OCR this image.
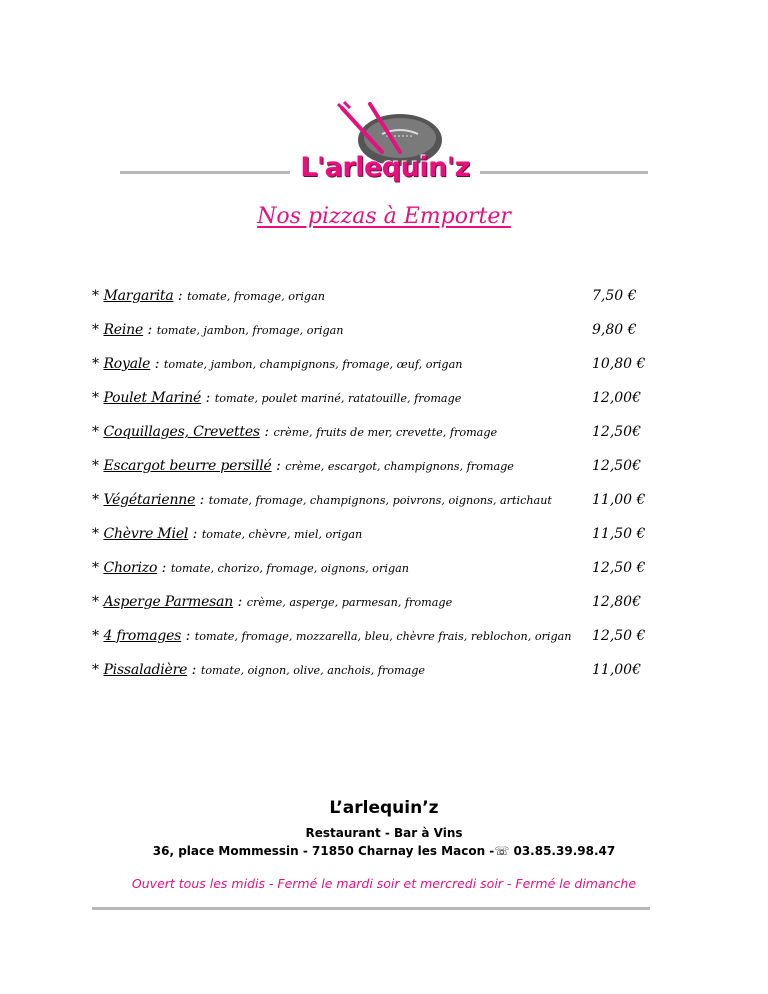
L'arlequin'z
Nos pizzas à Emporter
* Margarita : tomate, fromage, origan	7,50 €
* Reine : tomate, jambon, fromage, origan	9,80 €
* Royale : tomate, jambon, champignons, fromage, œuf, origan	10,80 €
* Poulet Mariné : tomate, poulet mariné, ratatouille, fromage	12,00€
* Coquillages, Crevettes : crème, fruits de mer, crevette, fromage	12,50€
* Escargot beurre persillé : crème, escargot, champignons, fromage	12,50€
* Végétarienne : tomate, fromage, champignons, poivrons, oignons, artichaut	11,00 €
* Chèvre Miel : tomate, chèvre, miel, origan	11,50 €
* Chorizo : tomate, chorizo, fromage, oignons, origan	12,50 €
* Asperge Parmesan : crème, asperge, parmesan, fromage	12,80€
* 4 fromages : tomate, fromage, mozzarella, bleu, chèvre frais, reblochon, origan 12,50 €
* Pissaladière : tomate, oignon, olive, anchois, fromage	11,00€
L’arlequin’z
Restaurant - Bar à Vins
36, place Mommessin - 71850 Charnay les Macon -☏ 03.85.39.98.47
Ouvert tous les midis - Fermé le mardi soir et mercredi soir - Fermé le dimanche
